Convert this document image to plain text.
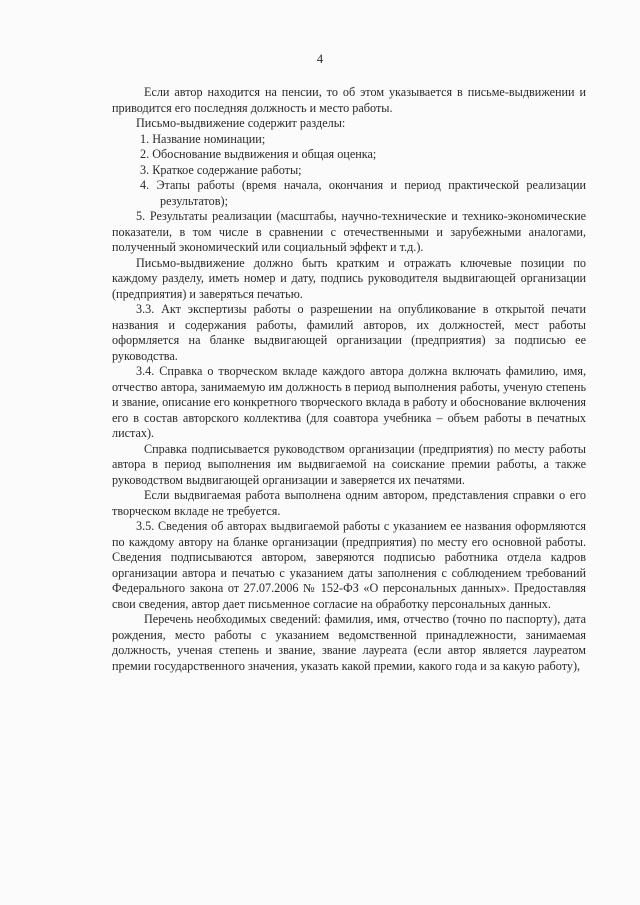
4

Если автор находится на пенсии, то об этом указывается в письме-выдвижении и приводится его последняя должность и место работы.

Письмо-выдвижение содержит разделы:

1. Название номинации;

2. Обоснование выдвижения и общая оценка;

3. Краткое содержание работы;

4. Этапы работы (время начала, окончания и период практической реализации результатов);

5. Результаты реализации (масштабы, научно-технические и технико-экономические показатели, в том числе в сравнении с отечественными и зарубежными аналогами, полученный экономический или социальный эффект и т.д.).

Письмо-выдвижение должно быть кратким и отражать ключевые позиции по каждому разделу, иметь номер и дату, подпись руководителя выдвигающей организации (предприятия) и заверяться печатью.

3.3. Акт экспертизы работы о разрешении на опубликование в открытой печати названия и содержания работы, фамилий авторов, их должностей, мест работы оформляется на бланке выдвигающей организации (предприятия) за подписью ее руководства.

3.4. Справка о творческом вкладе каждого автора должна включать фамилию, имя, отчество автора, занимаемую им должность в период выполнения работы, ученую степень и звание, описание его конкретного творческого вклада в работу и обоснование включения его в состав авторского коллектива (для соавтора учебника – объем работы в печатных листах).

Справка подписывается руководством организации (предприятия) по месту работы автора в период выполнения им выдвигаемой на соискание премии работы, а также руководством выдвигающей организации и заверяется их печатями.

Если выдвигаемая работа выполнена одним автором, представления справки о его творческом вкладе не требуется.

3.5. Сведения об авторах выдвигаемой работы с указанием ее названия оформляются по каждому автору на бланке организации (предприятия) по месту его основной работы. Сведения подписываются автором, заверяются подписью работника отдела кадров организации автора и печатью с указанием даты заполнения с соблюдением требований Федерального закона от 27.07.2006 № 152-ФЗ «О персональных данных». Предоставляя свои сведения, автор дает письменное согласие на обработку персональных данных.

Перечень необходимых сведений: фамилия, имя, отчество (точно по паспорту), дата рождения, место работы с указанием ведомственной принадлежности, занимаемая должность, ученая степень и звание, звание лауреата (если автор является лауреатом премии государственного значения, указать какой премии, какого года и за какую работу),
